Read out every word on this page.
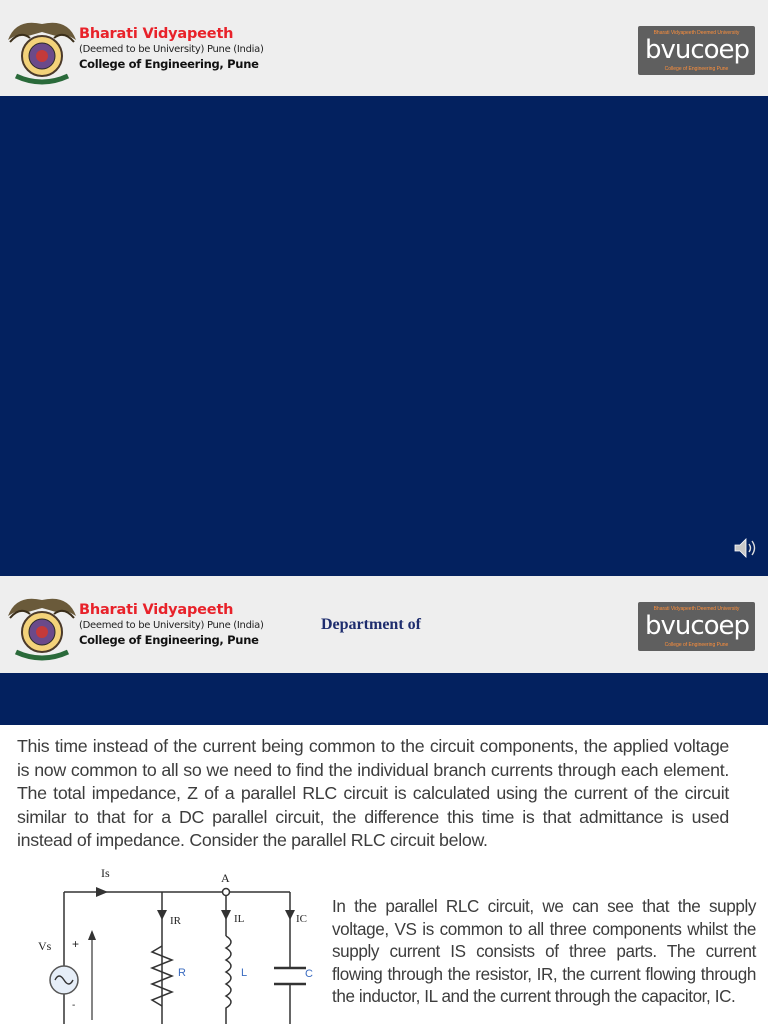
Bharati Vidyapeeth
(Deemed to be University) Pune (India)
College of Engineering, Pune
Bharati Vidyapeeth Deemed University
bvucoep
College of Engineering Pune
Bharati Vidyapeeth
(Deemed to be University) Pune (India)
College of Engineering, Pune
Bharati Vidyapeeth Deemed University
bvucoep
College of Engineering Pune
Department of
This time instead of the current being common to the circuit components, the applied voltage is now common to all so we need to find the individual branch currents through each element. The total impedance, Z of a parallel RLC circuit is calculated using the current of the circuit similar to that for a DC parallel circuit, the difference this time is that admittance is used instead of impedance. Consider the parallel RLC circuit below.
A
Is
Vs +
-
IR
R
IL
L
IC
C
In the parallel RLC circuit, we can see that the supply voltage, VS is common to all three components whilst the supply current IS consists of three parts. The current flowing through the resistor, IR, the current flowing through the inductor, IL and the current through the capacitor, IC.
